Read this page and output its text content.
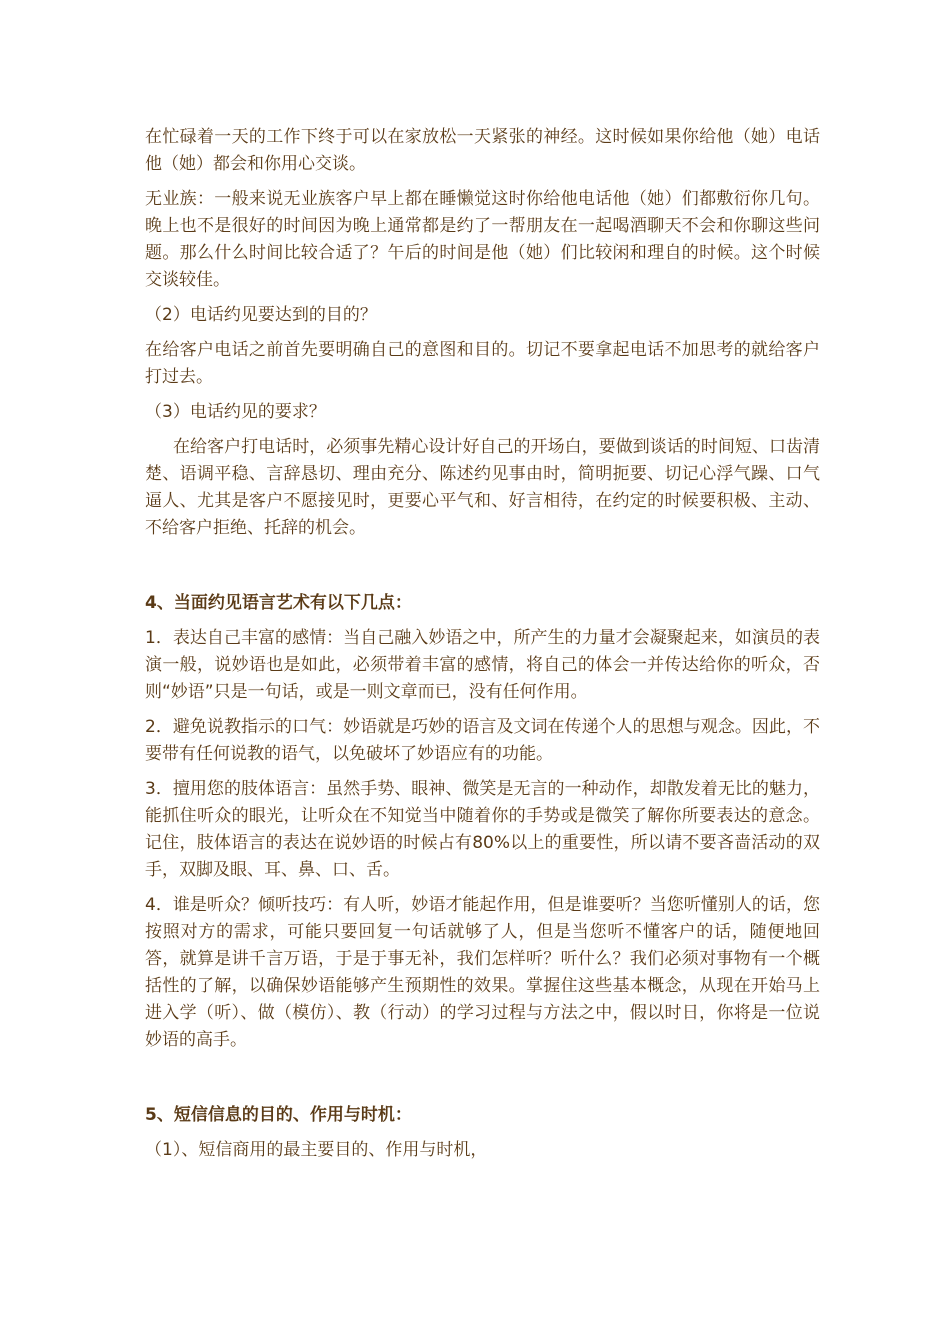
在忙碌着一天的工作下终于可以在家放松一天紧张的神经。这时候如果你给他（她）电话他（她）都会和你用心交谈。

无业族：一般来说无业族客户早上都在睡懒觉这时你给他电话他（她）们都敷衍你几句。晚上也不是很好的时间因为晚上通常都是约了一帮朋友在一起喝酒聊天不会和你聊这些问题。那么什么时间比较合适了？午后的时间是他（她）们比较闲和理自的时候。这个时候交谈较佳。

（2）电话约见要达到的目的？

在给客户电话之前首先要明确自己的意图和目的。切记不要拿起电话不加思考的就给客户打过去。

（3）电话约见的要求？

在给客户打电话时，必须事先精心设计好自己的开场白，要做到谈话的时间短、口齿清楚、语调平稳、言辞恳切、理由充分、陈述约见事由时，简明扼要、切记心浮气躁、口气逼人、尤其是客户不愿接见时，更要心平气和、好言相待，在约定的时候要积极、主动、不给客户拒绝、托辞的机会。

4、当面约见语言艺术有以下几点：

1．表达自己丰富的感情：当自己融入妙语之中，所产生的力量才会凝聚起来，如演员的表演一般，说妙语也是如此，必须带着丰富的感情，将自己的体会一并传达给你的听众，否则“妙语”只是一句话，或是一则文章而已，没有任何作用。

2．避免说教指示的口气：妙语就是巧妙的语言及文词在传递个人的思想与观念。因此，不要带有任何说教的语气，以免破坏了妙语应有的功能。

3．擅用您的肢体语言：虽然手势、眼神、微笑是无言的一种动作，却散发着无比的魅力，能抓住听众的眼光，让听众在不知觉当中随着你的手势或是微笑了解你所要表达的意念。记住，肢体语言的表达在说妙语的时候占有80%以上的重要性，所以请不要吝啬活动的双手，双脚及眼、耳、鼻、口、舌。

4．谁是听众？倾听技巧：有人听，妙语才能起作用，但是谁要听？当您听懂别人的话，您按照对方的需求，可能只要回复一句话就够了人，但是当您听不懂客户的话，随便地回答，就算是讲千言万语，于是于事无补，我们怎样听？听什么？我们必须对事物有一个概括性的了解，以确保妙语能够产生预期性的效果。掌握住这些基本概念，从现在开始马上进入学（听）、做（模仿）、教（行动）的学习过程与方法之中，假以时日，你将是一位说妙语的高手。

5、短信信息的目的、作用与时机：

（1）、短信商用的最主要目的、作用与时机，
